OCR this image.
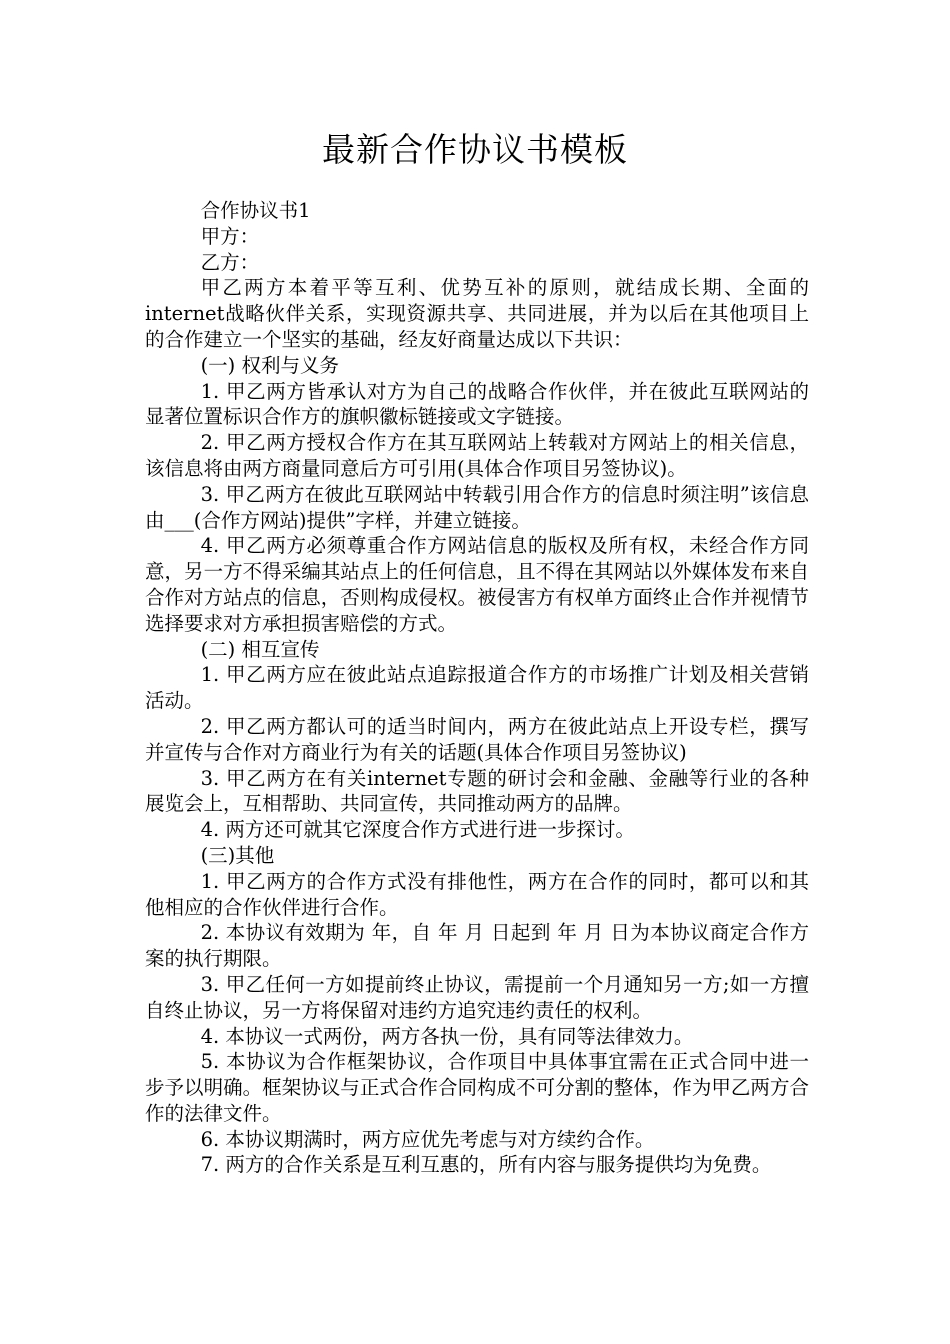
最新合作协议书模板

合作协议书1

甲方：

乙方：

甲乙两方本着平等互利、优势互补的原则，就结成长期、全面的internet战略伙伴关系，实现资源共享、共同进展，并为以后在其他项目上的合作建立一个坚实的基础，经友好商量达成以下共识：

(一) 权利与义务

1. 甲乙两方皆承认对方为自己的战略合作伙伴，并在彼此互联网站的显著位置标识合作方的旗帜徽标链接或文字链接。

2. 甲乙两方授权合作方在其互联网站上转载对方网站上的相关信息，该信息将由两方商量同意后方可引用(具体合作项目另签协议)。

3. 甲乙两方在彼此互联网站中转载引用合作方的信息时须注明”该信息由___(合作方网站)提供”字样，并建立链接。

4. 甲乙两方必须尊重合作方网站信息的版权及所有权，未经合作方同意，另一方不得采编其站点上的任何信息，且不得在其网站以外媒体发布来自合作对方站点的信息，否则构成侵权。被侵害方有权单方面终止合作并视情节选择要求对方承担损害赔偿的方式。

(二) 相互宣传

1. 甲乙两方应在彼此站点追踪报道合作方的市场推广计划及相关营销活动。

2. 甲乙两方都认可的适当时间内，两方在彼此站点上开设专栏，撰写并宣传与合作对方商业行为有关的话题(具体合作项目另签协议)

3. 甲乙两方在有关internet专题的研讨会和金融、金融等行业的各种展览会上，互相帮助、共同宣传，共同推动两方的品牌。

4. 两方还可就其它深度合作方式进行进一步探讨。

(三)其他

1. 甲乙两方的合作方式没有排他性，两方在合作的同时，都可以和其他相应的合作伙伴进行合作。

2. 本协议有效期为 年，自 年 月 日起到 年 月 日为本协议商定合作方案的执行期限。

3. 甲乙任何一方如提前终止协议，需提前一个月通知另一方;如一方擅自终止协议，另一方将保留对违约方追究违约责任的权利。

4. 本协议一式两份，两方各执一份，具有同等法律效力。

5. 本协议为合作框架协议，合作项目中具体事宜需在正式合同中进一步予以明确。框架协议与正式合作合同构成不可分割的整体，作为甲乙两方合作的法律文件。

6. 本协议期满时，两方应优先考虑与对方续约合作。

7. 两方的合作关系是互利互惠的，所有内容与服务提供均为免费。
